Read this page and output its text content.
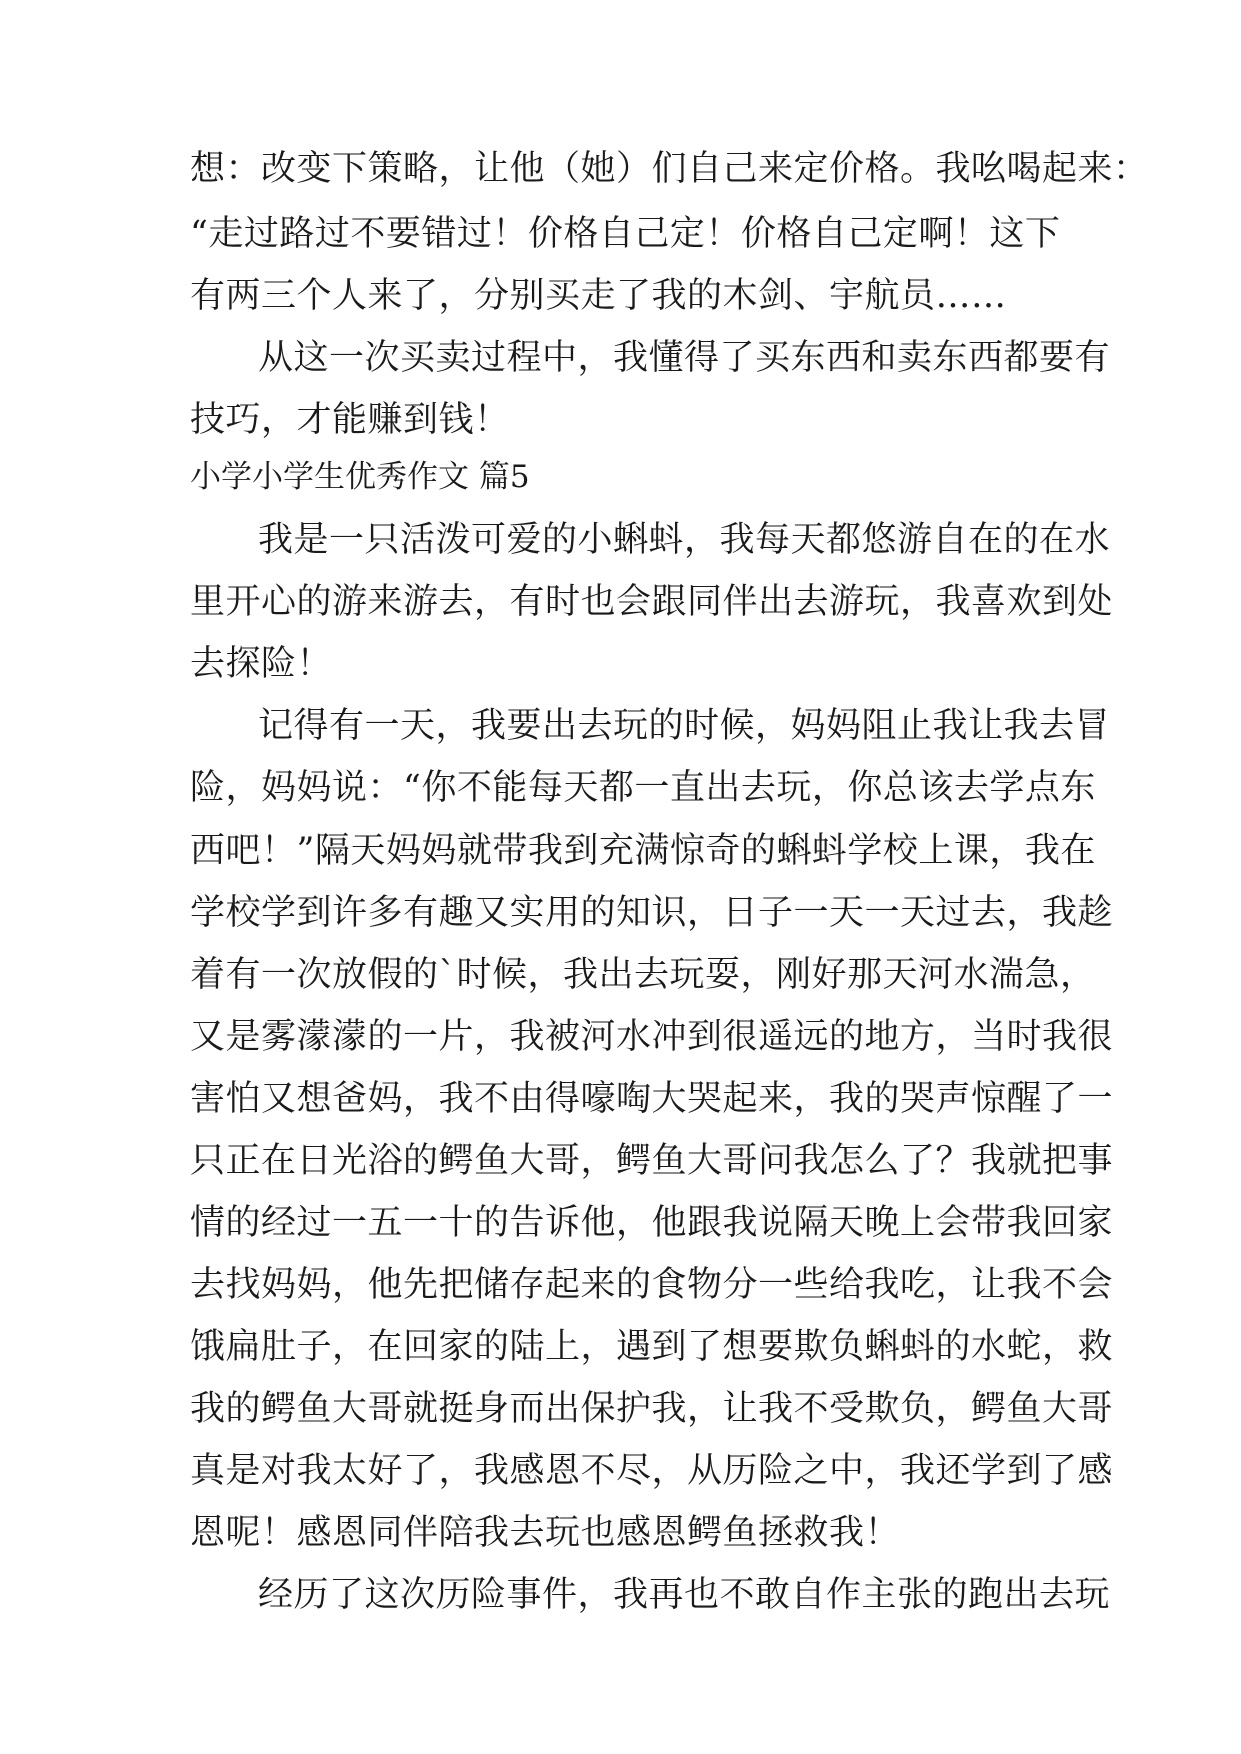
想：改变下策略，让他（她）们自己来定价格。我吆喝起来：
“走过路过不要错过！价格自己定！价格自己定啊！这下
有两三个人来了，分别买走了我的木剑、宇航员……
从这一次买卖过程中，我懂得了买东西和卖东西都要有
技巧，才能赚到钱！
小学小学生优秀作文 篇5
我是一只活泼可爱的小蝌蚪，我每天都悠游自在的在水
里开心的游来游去，有时也会跟同伴出去游玩，我喜欢到处
去探险！
记得有一天，我要出去玩的时候，妈妈阻止我让我去冒
险，妈妈说：“你不能每天都一直出去玩，你总该去学点东
西吧！”隔天妈妈就带我到充满惊奇的蝌蚪学校上课，我在
学校学到许多有趣又实用的知识，日子一天一天过去，我趁
着有一次放假的`时候，我出去玩耍，刚好那天河水湍急，
又是雾濛濛的一片，我被河水冲到很遥远的地方，当时我很
害怕又想爸妈，我不由得嚎啕大哭起来，我的哭声惊醒了一
只正在日光浴的鳄鱼大哥，鳄鱼大哥问我怎么了？我就把事
情的经过一五一十的告诉他，他跟我说隔天晚上会带我回家
去找妈妈，他先把储存起来的食物分一些给我吃，让我不会
饿扁肚子，在回家的陆上，遇到了想要欺负蝌蚪的水蛇，救
我的鳄鱼大哥就挺身而出保护我，让我不受欺负，鳄鱼大哥
真是对我太好了，我感恩不尽，从历险之中，我还学到了感
恩呢！感恩同伴陪我去玩也感恩鳄鱼拯救我！
经历了这次历险事件，我再也不敢自作主张的跑出去玩
